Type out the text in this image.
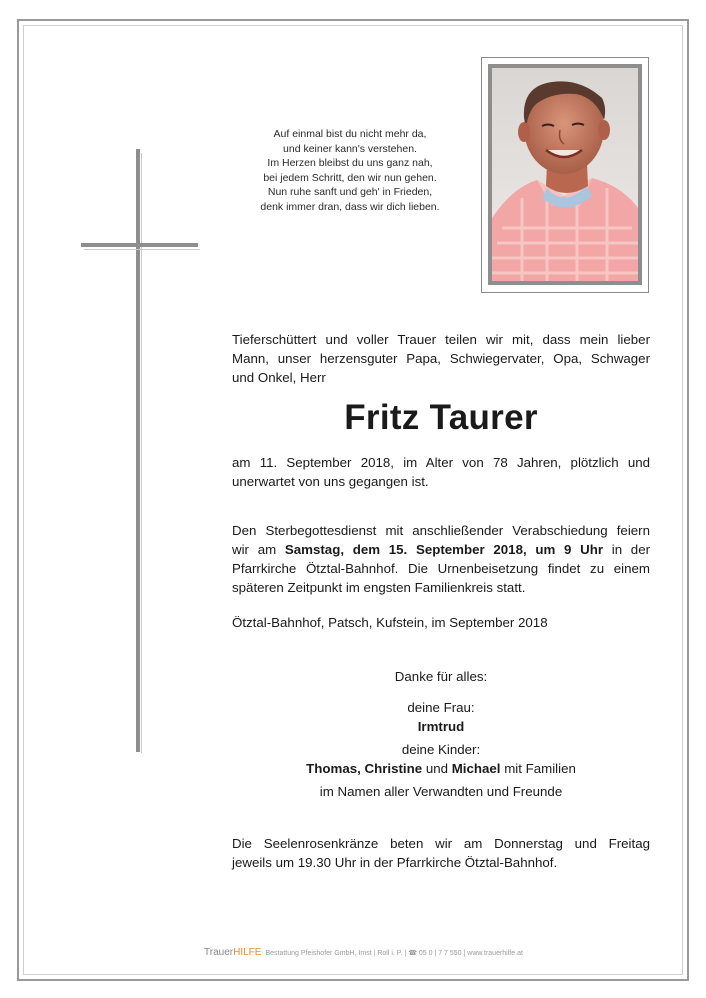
Auf einmal bist du nicht mehr da,
und keiner kann's verstehen.
Im Herzen bleibst du uns ganz nah,
bei jedem Schritt, den wir nun gehen.
Nun ruhe sanft und geh' in Frieden,
denk immer dran, dass wir dich lieben.
Tieferschüttert und voller Trauer teilen wir mit, dass mein lieber
Mann, unser herzensguter Papa, Schwiegervater, Opa, Schwager
und Onkel, Herr
Fritz Taurer
am 11. September 2018, im Alter von 78 Jahren, plötzlich und
unerwartet von uns gegangen ist.
Den Sterbegottesdienst mit anschließender Verabschiedung feiern
wir am Samstag, dem 15. September 2018, um 9 Uhr in der
Pfarrkirche Ötztal-Bahnhof. Die Urnenbeisetzung findet zu einem
späteren Zeitpunkt im engsten Familienkreis statt.
Ötztal-Bahnhof, Patsch, Kufstein, im September 2018
Danke für alles:
deine Frau:
Irmtrud
deine Kinder:
Thomas, Christine und Michael mit Familien
im Namen aller Verwandten und Freunde
Die Seelenrosenkränze beten wir am Donnerstag und Freitag
jeweils um 19.30 Uhr in der Pfarrkirche Ötztal-Bahnhof.
TrauerHILFE Bestattung Pfeishofer GmbH, Imst | Roll i. P. | ☎ 05 0 | 7 7 550 | www.trauerhilfe.at
